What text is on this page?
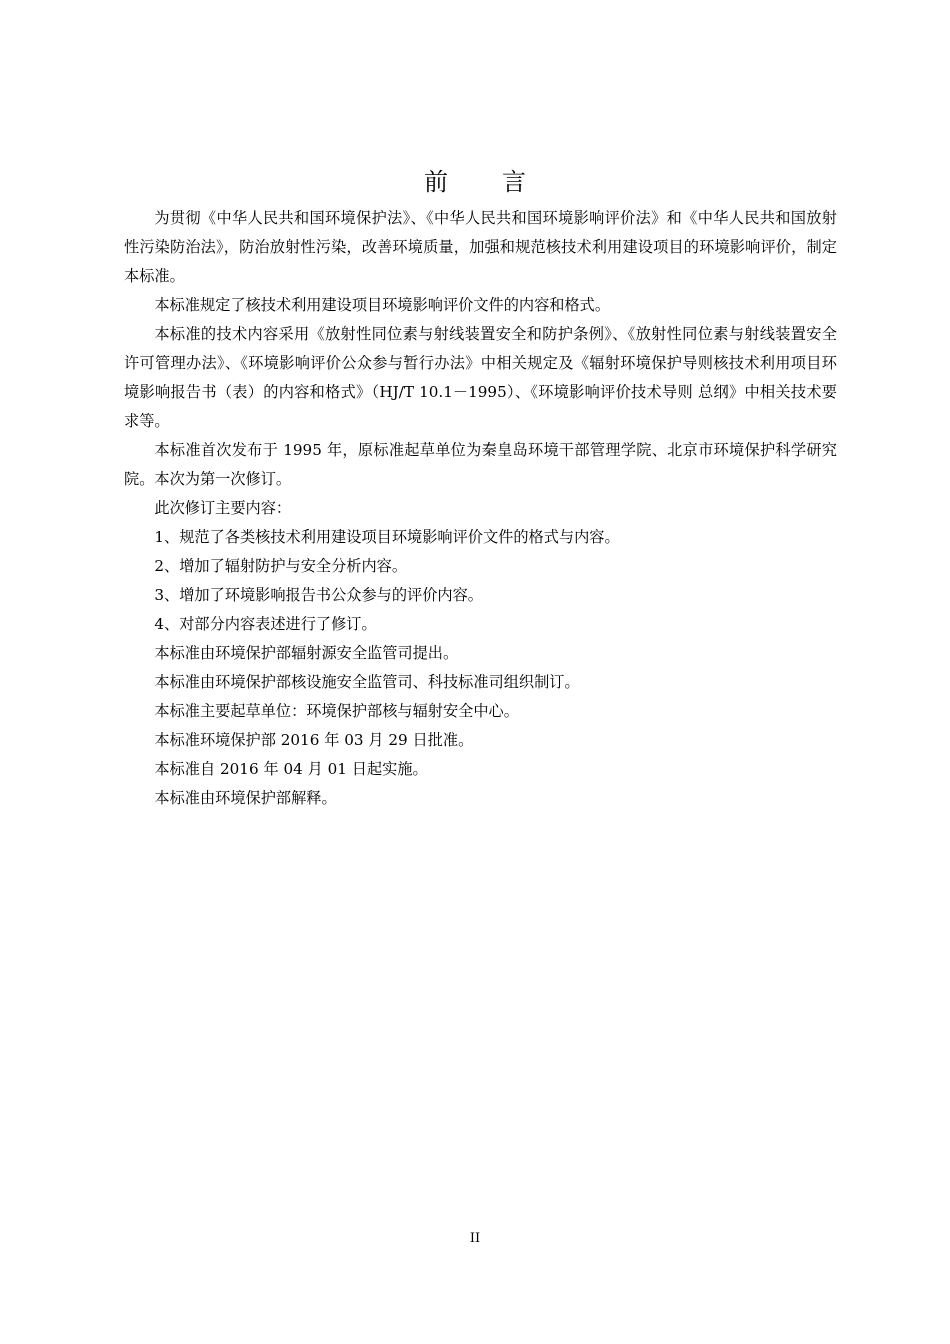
前言

为贯彻《中华人民共和国环境保护法》、《中华人民共和国环境影响评价法》和《中华人民共和国放射性污染防治法》，防治放射性污染，改善环境质量，加强和规范核技术利用建设项目的环境影响评价，制定本标准。

本标准规定了核技术利用建设项目环境影响评价文件的内容和格式。

本标准的技术内容采用《放射性同位素与射线装置安全和防护条例》、《放射性同位素与射线装置安全许可管理办法》、《环境影响评价公众参与暂行办法》中相关规定及《辐射环境保护导则核技术利用项目环境影响报告书（表）的内容和格式》（HJ/T 10.1－1995）、《环境影响评价技术导则 总纲》中相关技术要求等。

本标准首次发布于 1995 年，原标准起草单位为秦皇岛环境干部管理学院、北京市环境保护科学研究院。本次为第一次修订。

此次修订主要内容：

1、规范了各类核技术利用建设项目环境影响评价文件的格式与内容。

2、增加了辐射防护与安全分析内容。

3、增加了环境影响报告书公众参与的评价内容。

4、对部分内容表述进行了修订。

本标准由环境保护部辐射源安全监管司提出。

本标准由环境保护部核设施安全监管司、科技标准司组织制订。

本标准主要起草单位：环境保护部核与辐射安全中心。

本标准环境保护部 2016 年 03 月 29 日批准。

本标准自 2016 年 04 月 01 日起实施。

本标准由环境保护部解释。

II
